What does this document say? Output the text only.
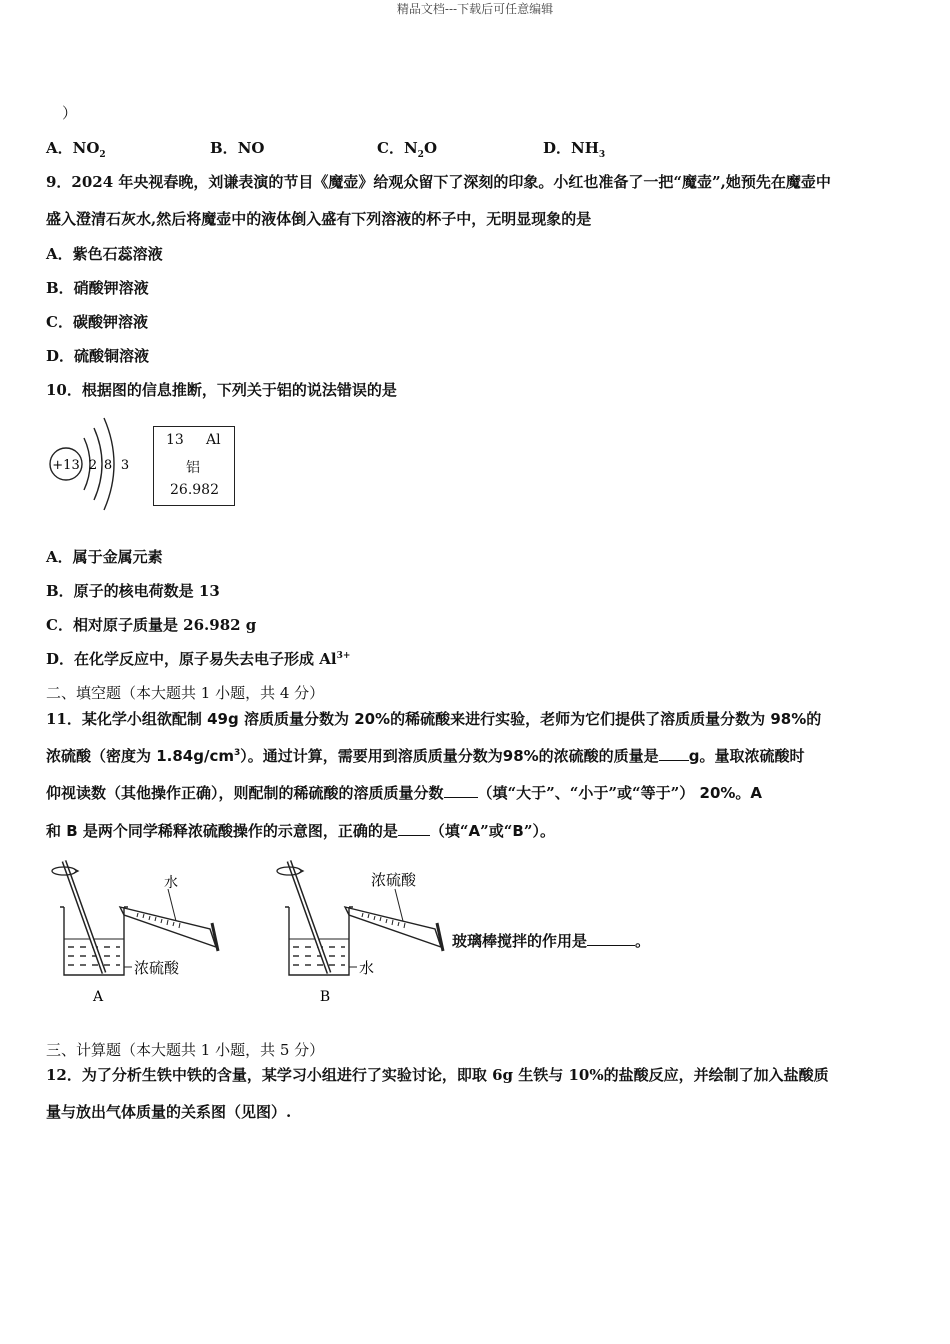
精品文档---下载后可任意编辑
）
A．$NO_2$	B．NO	C．$N_2O$	D．$NH_3$
9．2024 年央视春晚，刘谦表演的节目《魔壶》给观众留下了深刻的印象。小红也准备了一把“魔壶”,她预先在魔壶中
盛入澄清石灰水,然后将魔壶中的液体倒入盛有下列溶液的杯子中，无明显现象的是
A．紫色石蕊溶液
B．硝酸钾溶液
C．碳酸钾溶液
D．硫酸铜溶液
10．根据图的信息推断，下列关于铝的说法错误的是
+13 2 8 3
13 Al
铝
26.982
A．属于金属元素
B．原子的核电荷数是 13
C．相对原子质量是 26.982 g
D．在化学反应中，原子易失去电子形成 $Al^{3+}$
二、填空题（本大题共 1 小题，共 4 分）
11．某化学小组欲配制 49g 溶质质量分数为 20%的稀硫酸来进行实验，老师为它们提供了溶质质量分数为 98%的
浓硫酸（密度为 $1.84g/cm^3$）。通过计算，需要用到溶质质量分数为98%的浓硫酸的质量是 g。量取浓硫酸时
仰视读数（其他操作正确），则配制的稀硫酸的溶质质量分数 （填“大于”、“小于”或“等于”） 20%。A
和 B 是两个同学稀释浓硫酸操作的示意图，正确的是 （填“A”或“B”）。
水
浓硫酸
A
浓硫酸
水
B
玻璃棒搅拌的作用是	。
三、计算题（本大题共 1 小题，共 5 分）
12．为了分析生铁中铁的含量，某学习小组进行了实验讨论，即取 6g 生铁与 10%的盐酸反应，并绘制了加入盐酸质
量与放出气体质量的关系图（见图）.
